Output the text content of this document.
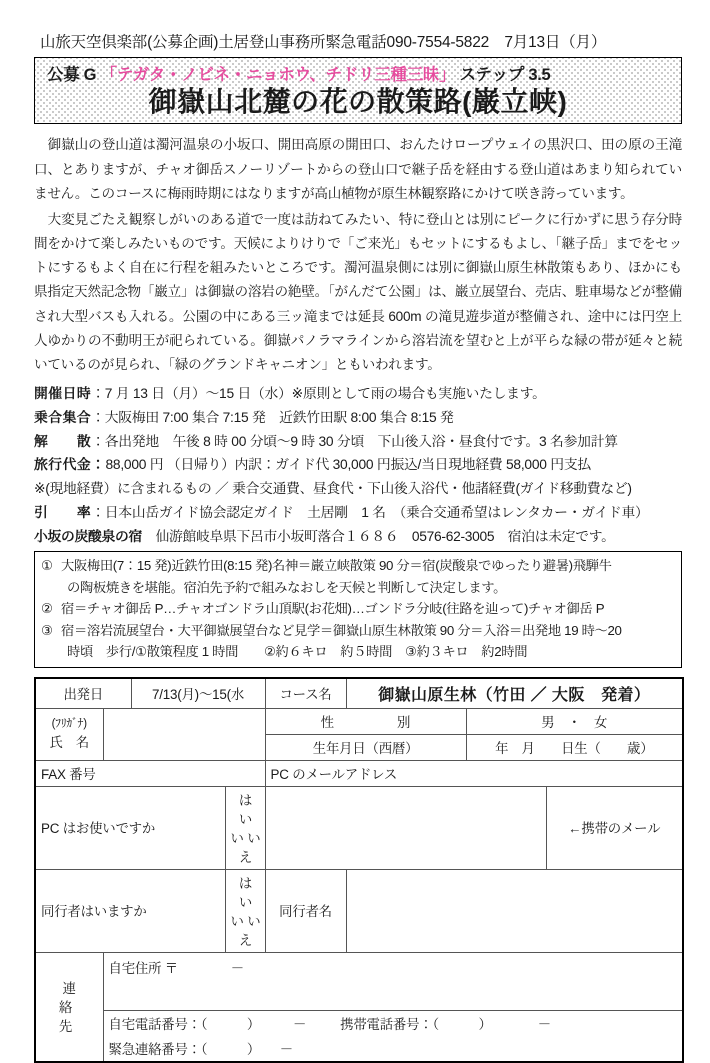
山旅天空倶楽部(公募企画)土居登山事務所緊急電話090-7554-5822　7月13日（月）
公募 G 「テガタ・ノビネ・ニョホウ、チドリ三種三昧」 ステップ 3.5
御嶽山北麓の花の散策路(巌立峡)

御嶽山の登山道は濁河温泉の小坂口、開田高原の開田口、おんたけロープウェイの黒沢口、田の原の王滝口、とありますが、チャオ御岳スノーリゾートからの登山口で継子岳を経由する登山道はあまり知られていません。このコースに梅雨時期にはなりますが高山植物が原生林観察路にかけて咲き誇っています。

大変見ごたえ観察しがいのある道で一度は訪ねてみたい、特に登山とは別にピークに行かずに思う存分時間をかけて楽しみたいものです。天候によりけりで「ご来光」もセットにするもよし、「継子岳」までをセットにするもよく自在に行程を組みたいところです。濁河温泉側には別に御嶽山原生林散策もあり、ほかにも県指定天然記念物「巌立」は御嶽の溶岩の絶壁。「がんだて公園」は、巌立展望台、売店、駐車場などが整備され大型バスも入れる。公園の中にある三ッ滝までは延長 600m の滝見遊歩道が整備され、途中には円空上人ゆかりの不動明王が祀られている。御嶽パノラマラインから溶岩流を望むと上が平らな緑の帯が延々と続いているのが見られ、「緑のグランドキャニオン」ともいわれます。

開催日時 ：7 月 13 日（月）〜15 日（水）※原則として雨の場合も実施いたします。
乗合集合 ：大阪梅田 7:00 集合 7:15 発　近鉄竹田駅 8:00 集合 8:15 発
解　　散 ：各出発地　午後 8 時 00 分頃〜9 時 30 分頃　下山後入浴・昼食付です。3 名参加計算
旅行代金： 88,000 円 （日帰り）内訳：ガイド代 30,000 円振込/当日現地経費 58,000 円支払
※(現地経費）に含まれるもの ／ 乗合交通費、昼食代・下山後入浴代・他諸経費(ガイド移動費など)
引　　率 ：日本山岳ガイド協会認定ガイド　土居剛　1 名　（乗合交通希望はレンタカー・ガイド車）
小坂の炭酸泉の宿　仙游館岐阜県下呂市小坂町落合１６８６　0576-62-3005　宿泊は未定です。
① 大阪梅田(7：15 発)近鉄竹田(8:15 発)名神＝巌立峡散策 90 分＝宿(炭酸泉でゆったり避暑)飛騨牛
の陶板焼きを堪能。宿泊先予約で組みなおしを天候と判断して決定します。
② 宿＝チャオ御岳 P…チャオゴンドラ山頂駅(お花畑)…ゴンドラ分岐(往路を辿って)チャオ御岳 P
③ 宿＝溶岩流展望台・大平御嶽展望台など見学＝御嶽山原生林散策 90 分＝入浴＝出発地 19 時〜20
時頃　歩行/①散策程度 1 時間　　②約６キロ　約５時間　③約３キロ　約2時間
出発日		7/13(月)〜15(水		コース名	御嶽山原生林（竹田 ／ 大阪　発着）		

(ﾌﾘｶﾞﾅ)
氏　名				性　　別		男　・　女	
				生年月日（西暦）		年　月　　日生（　　歳）	
FAX 番号				PC のメールアドレス			
PC はお使いですか			は　い　いいえ				←携帯のメール
同行者はいますか			は　い　いいえ	同行者名			
連　絡　先	自宅住所 〒　　　　－						
	自宅電話番号：（　　　）　　　－ 携帯電話番号：（　　　）　　　　－						
	緊急連絡番号：（　　　）　　－						
